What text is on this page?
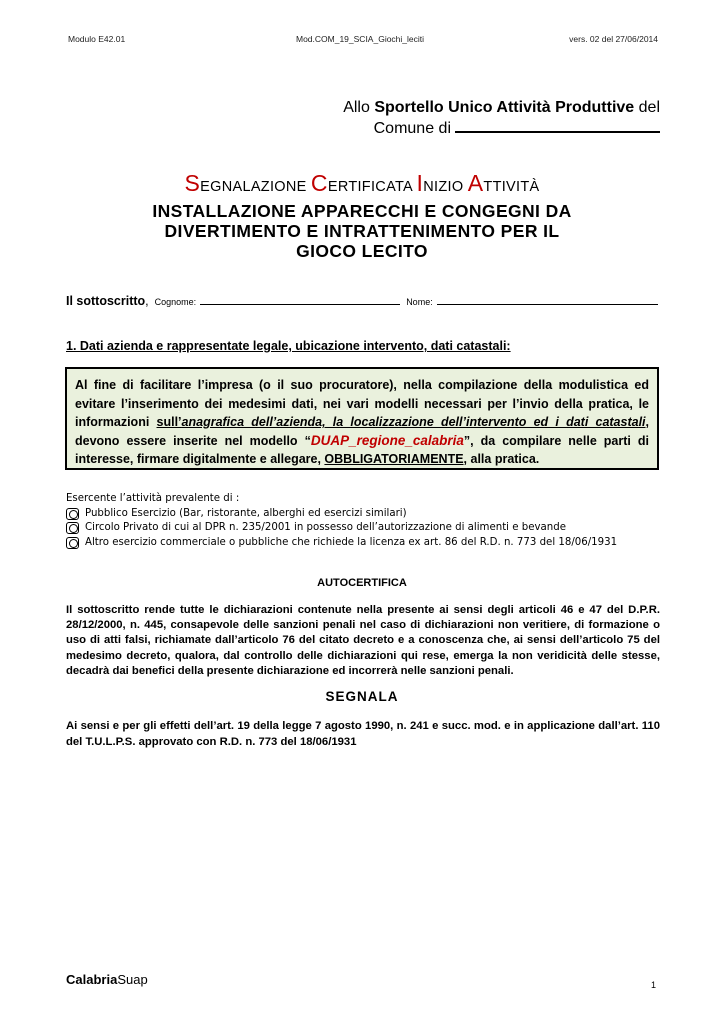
Modulo E42.01	Mod.COM_19_SCIA_Giochi_leciti	vers. 02 del 27/06/2014
Allo Sportello Unico Attività Produttive del
Comune di
SEGNALAZIONE CERTIFICATA INIZIO ATTIVITÀ
INSTALLAZIONE APPARECCHI E CONGEGNI DA
DIVERTIMENTO E INTRATTENIMENTO PER IL
GIOCO LECITO
Il sottoscritto , Cognome:	Nome:
1. Dati azienda e rappresentate legale, ubicazione intervento, dati catastali:
Al fine di facilitare l’impresa (o il suo procuratore), nella compilazione della modulistica ed evitare l’inserimento dei medesimi dati, nei vari modelli necessari per l’invio della pratica, le informazioni sull’anagrafica dell’azienda, la localizzazione dell’intervento ed i dati catastali, devono essere inserite nel modello “DUAP_regione_calabria”, da compilare nelle parti di interesse, firmare digitalmente e allegare, OBBLIGATORIAMENTE, alla pratica.
Esercente l’attività prevalente di :
Pubblico Esercizio (Bar, ristorante, alberghi ed esercizi similari)
Circolo Privato di cui al DPR n. 235/2001 in possesso dell’autorizzazione di alimenti e bevande
Altro esercizio commerciale o pubbliche che richiede la licenza ex art. 86 del R.D. n. 773 del 18/06/1931
AUTOCERTIFICA
Il sottoscritto rende tutte le dichiarazioni contenute nella presente ai sensi degli articoli 46 e 47 del D.P.R. 28/12/2000, n. 445, consapevole delle sanzioni penali nel caso di dichiarazioni non veritiere, di formazione o uso di atti falsi, richiamate dall’articolo 76 del citato decreto e a conoscenza che, ai sensi dell’articolo 75 del medesimo decreto, qualora, dal controllo delle dichiarazioni qui rese, emerga la non veridicità delle stesse, decadrà dai benefici della presente dichiarazione ed incorrerà nelle sanzioni penali.
SEGNALA
Ai sensi e per gli effetti dell’art. 19 della legge 7 agosto 1990, n. 241 e succ. mod. e in applicazione dall’art. 110 del T.U.L.P.S. approvato con R.D. n. 773 del 18/06/1931
CalabriaSuap	1
